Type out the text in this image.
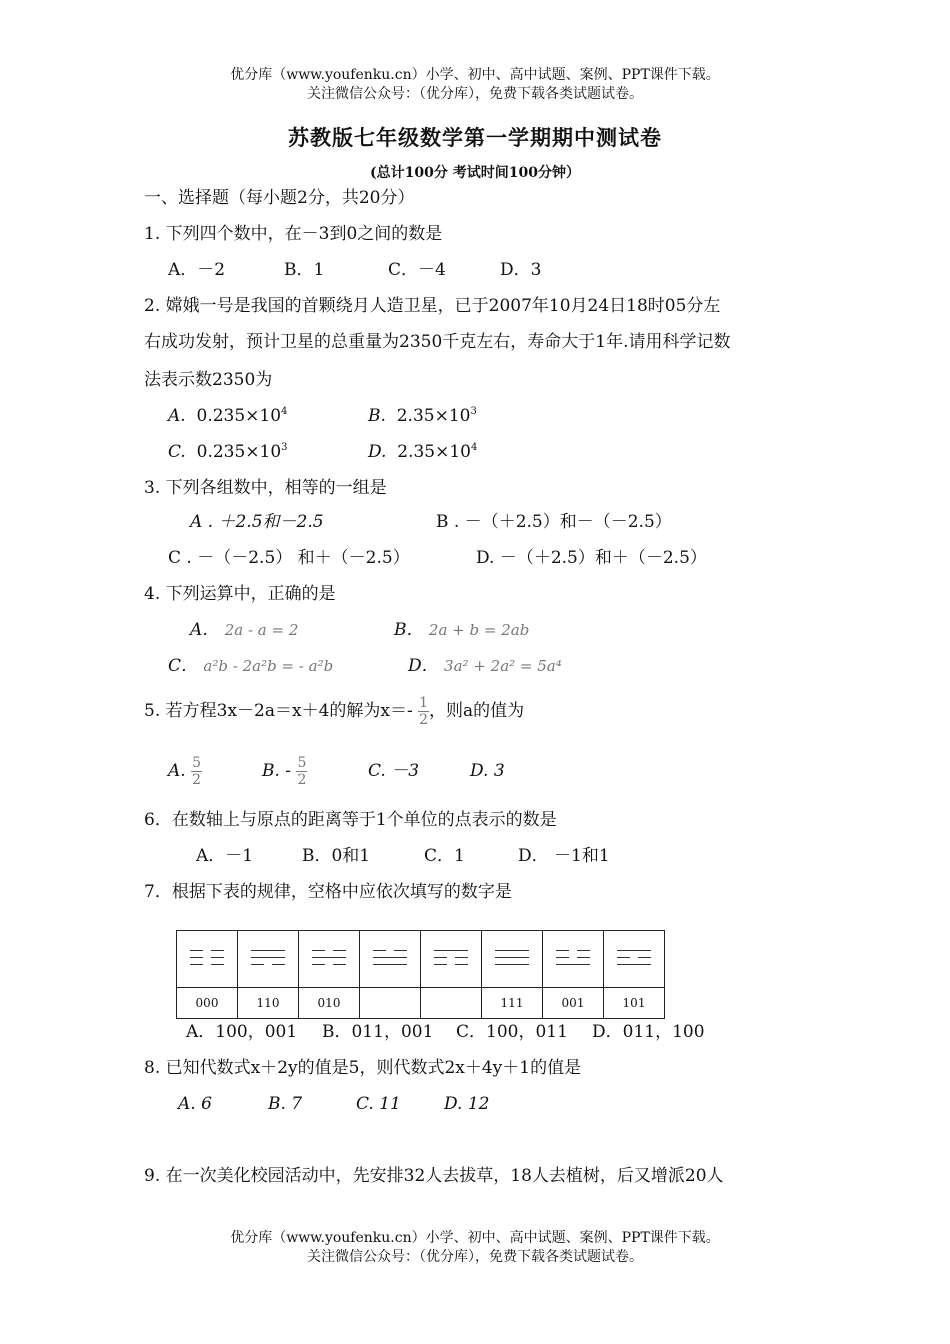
优分库（www.youfenku.cn）小学、初中、高中试题、案例、PPT课件下载。
关注微信公众号：（优分库），免费下载各类试题试卷。
苏教版七年级数学第一学期期中测试卷
(总计100分 考试时间100分钟）
一、选择题（每小题2分，共20分）
1. 下列四个数中，在－3到0之间的数是
A．－2	B．1	C．－4	D．3
2. 嫦娥一号是我国的首颗绕月人造卫星，已于2007年10月24日18时05分左
右成功发射，预计卫星的总重量为2350千克左右，寿命大于1年.请用科学记数
法表示数2350为
A. $0.235\times 10^4$	B. $2.35\times 10^3$
C. $0.235\times 10^3$	D. $2.35\times 10^4$
3. 下列各组数中，相等的一组是
A . ＋2.5和－2.5	B . －（＋2.5）和－（－2.5）
C . －（－2.5） 和＋（－2.5）	D. －（＋2.5）和＋（－2.5）
4. 下列运算中，正确的是
A． 2a - a = 2	B． 2a + b = 2ab
C． a²b - 2a²b = - a²b	D． 3a² + 2a² = 5a⁴
5. 若方程3x－2a＝x＋4的解为$x=- \frac{1}{2}$ ，则a的值为
A. $\frac{5}{2}$	B. - $\frac{5}{2}$	C. －3	D. 3
6．在数轴上与原点的距离等于1个单位的点表示的数是
A．－1	B．0和1	C．1	D． －1和1
7．根据下表的规律，空格中应依次填写的数字是

000	110	010			111	001	101
A．100，001 B．011，001 C．100，011 D．011，100
8. 已知代数式x＋2y的值是5，则代数式2x＋4y＋1的值是
A. 6	B. 7	C. 11	D. 12
9. 在一次美化校园活动中，先安排32人去拔草，18人去植树，后又增派20人
优分库（www.youfenku.cn）小学、初中、高中试题、案例、PPT课件下载。
关注微信公众号：（优分库），免费下载各类试题试卷。
